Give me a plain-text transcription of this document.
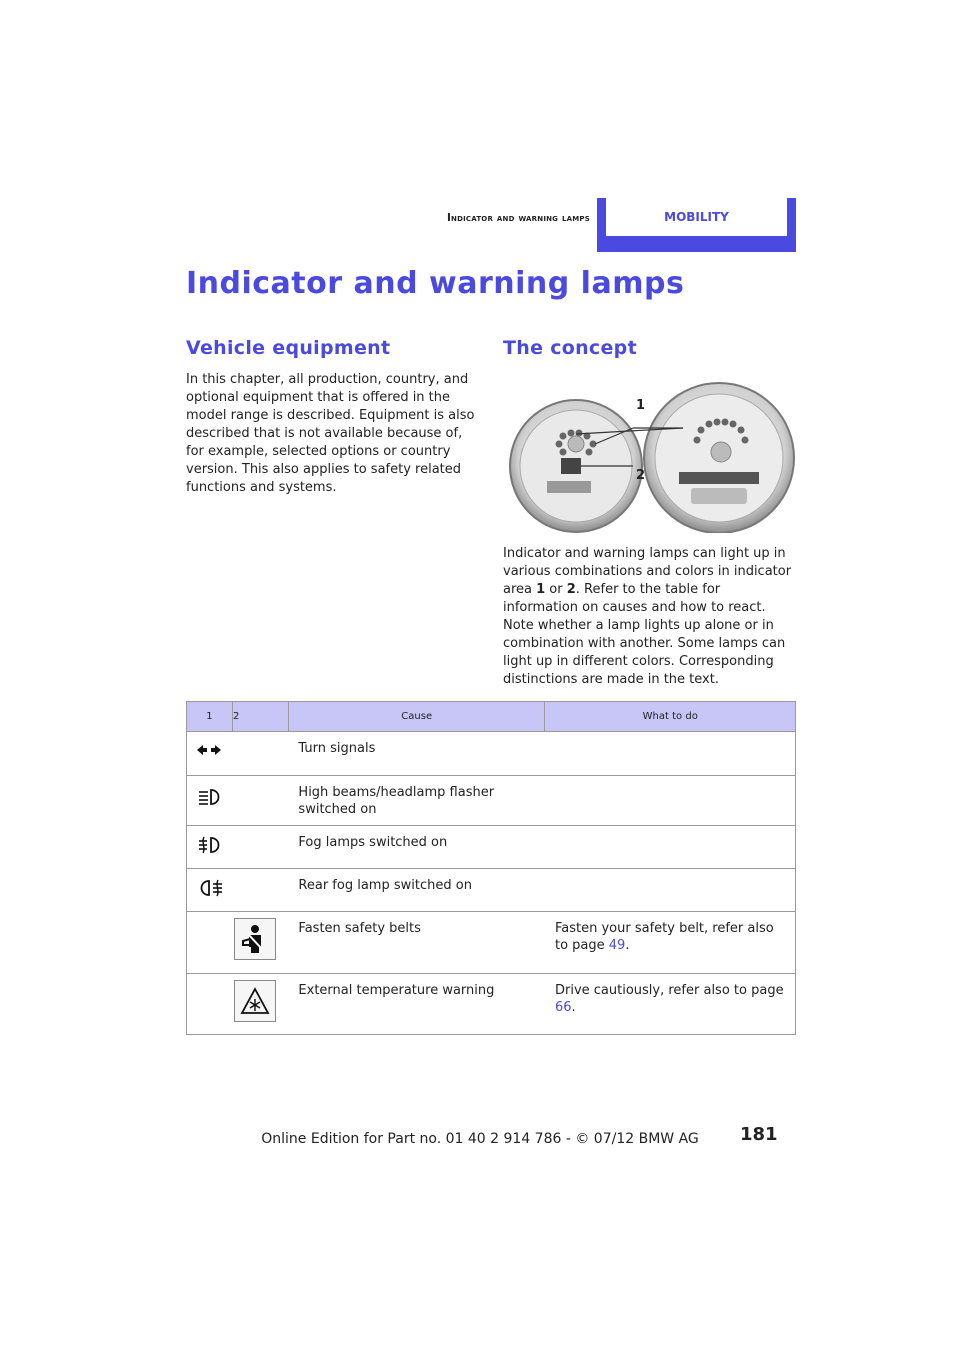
Indicator and warning lamps	MOBILITY
Indicator and warning lamps
Vehicle equipment
In this chapter, all production, country, and optional equipment that is offered in the model range is described. Equipment is also described that is not available because of, for example, selected options or country version. This also applies to safety related functions and systems.
The concept
1
2
Indicator and warning lamps can light up in various combinations and colors in indicator area 1 or 2. Refer to the table for information on causes and how to react. Note whether a lamp lights up alone or in combination with another. Some lamps can light up in different colors. Corresponding distinctions are made in the text.
1	2	Cause	What to do
		Turn signals	
		High beams/headlamp flasher switched on	
		Fog lamps switched on	
		Rear fog lamp switched on	
		Fasten safety belts	Fasten your safety belt, refer also to page 49.
		External temperature warning	Drive cautiously, refer also to page 66.
181
Online Edition for Part no. 01 40 2 914 786 - © 07/12 BMW AG
